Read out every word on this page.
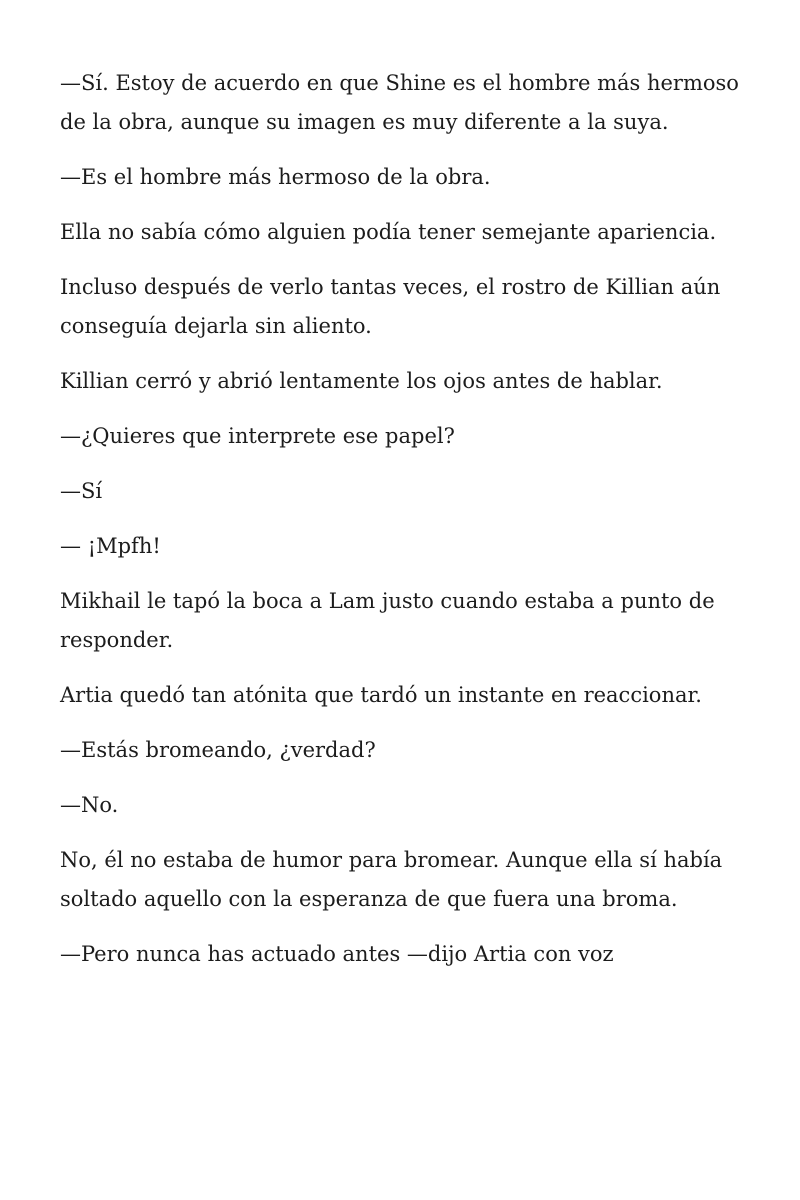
—Sí. Estoy de acuerdo en que Shine es el hombre más hermoso de la obra, aunque su imagen es muy diferente a la suya.

—Es el hombre más hermoso de la obra.

Ella no sabía cómo alguien podía tener semejante apariencia.

Incluso después de verlo tantas veces, el rostro de Killian aún conseguía dejarla sin aliento.

Killian cerró y abrió lentamente los ojos antes de hablar.

—¿Quieres que interprete ese papel?

—Sí

— ¡Mpfh!

Mikhail le tapó la boca a Lam justo cuando estaba a punto de responder.

Artia quedó tan atónita que tardó un instante en reaccionar.

—Estás bromeando, ¿verdad?

—No.

No, él no estaba de humor para bromear. Aunque ella sí había soltado aquello con la esperanza de que fuera una broma.

—Pero nunca has actuado antes —dijo Artia con voz
